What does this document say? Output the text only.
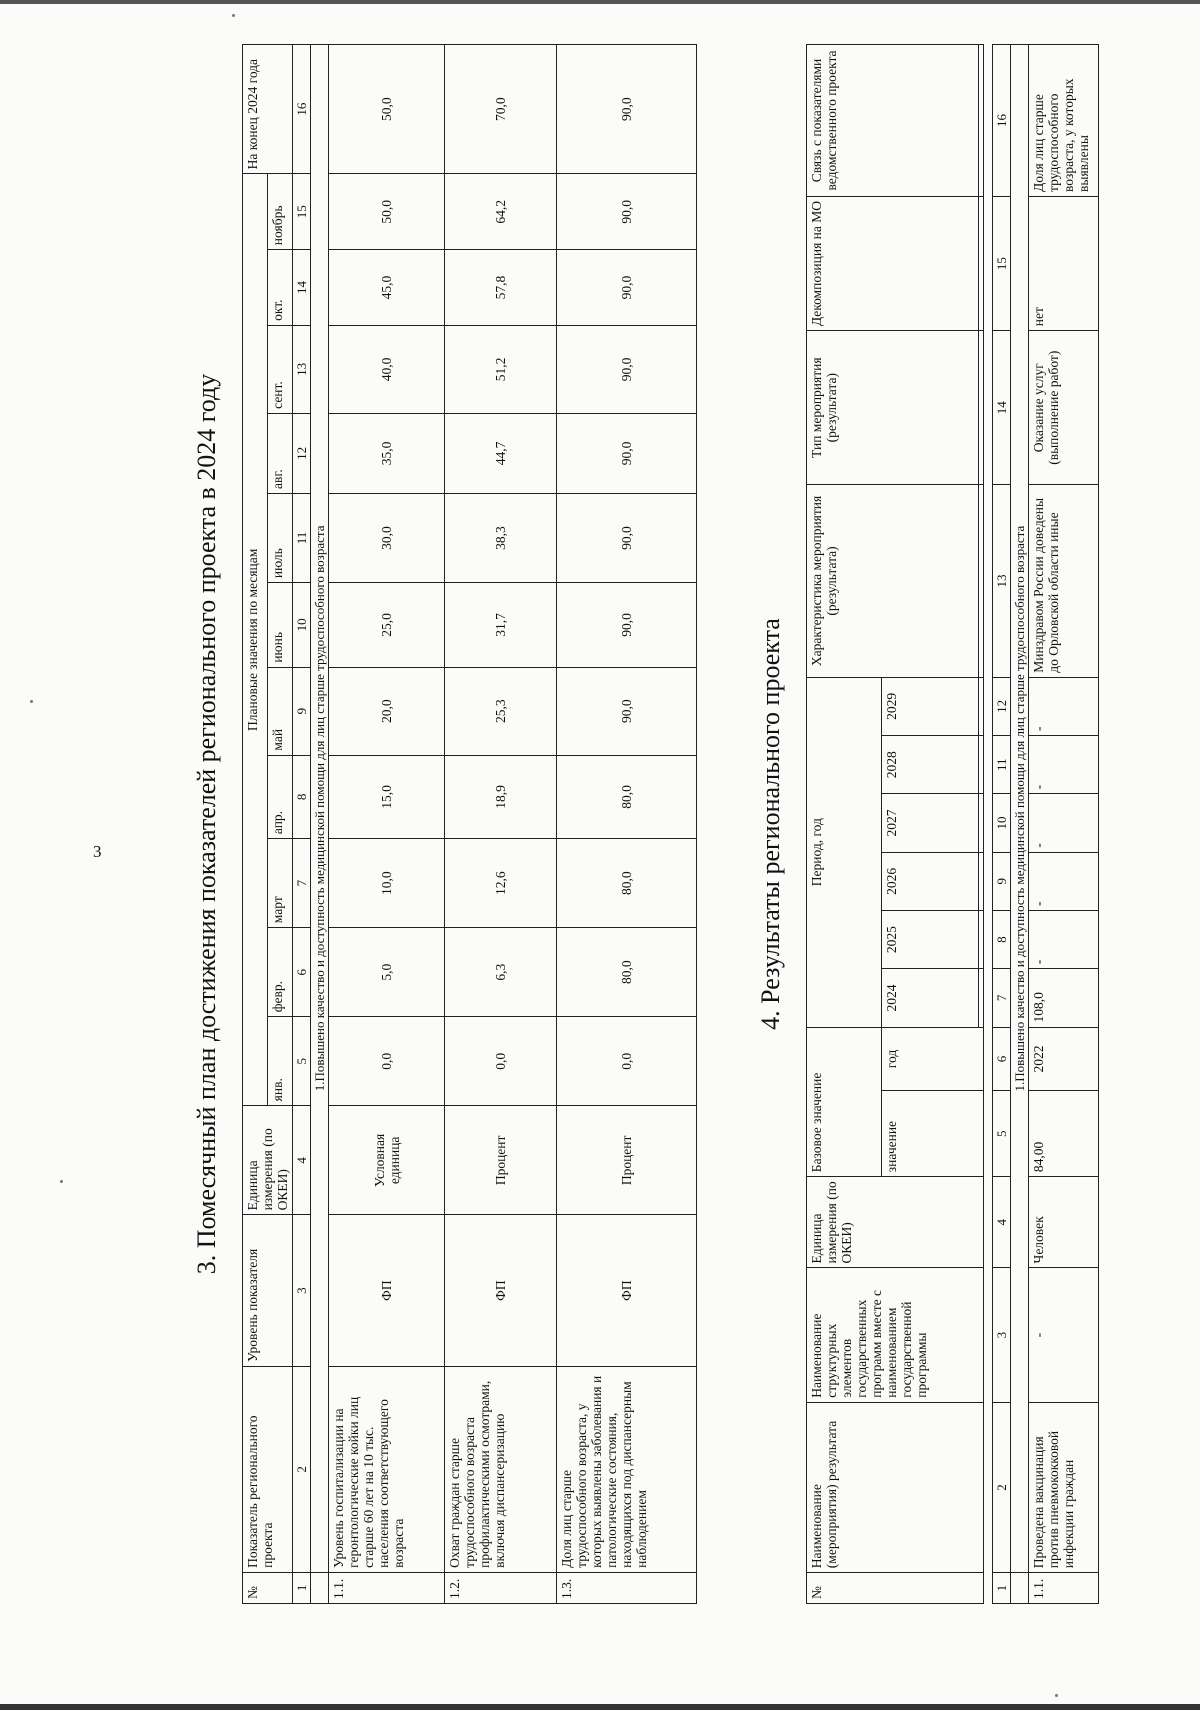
3	3. Помесячный план достижения показателей регионального проекта в 2024 году
№	Показатель регионального проекта	Уровень показателя	Единица измерения (по ОКЕИ)	Плановые значения по месяцам											На конец 2024 года
				янв.	февр.	март	апр.	май	июнь	июль	авг.	сент.	окт.	ноябрь	
1	2	3	4	5	6	7	8	9	10	11	12	13	14	15	16
	1.Повышено качество и доступность медицинской помощи для лиц старше трудоспособного возраста														
1.1.	Уровень госпитализации на геронтологические койки лиц старше 60 лет на 10 тыс. населения соответствующего возраста	ФП	Условная единица	0,0	5,0	10,0	15,0	20,0	25,0	30,0	35,0	40,0	45,0	50,0	50,0
1.2.	Охват граждан старше трудоспособного возраста профилактическими осмотрами, включая диспансеризацию	ФП	Процент	0,0	6,3	12,6	18,9	25,3	31,7	38,3	44,7	51,2	57,8	64,2	70,0
1.3.	Доля лиц старше трудоспособного возраста, у которых выявлены заболевания и патологические состояния, находящихся под диспансерным наблюдением	ФП	Процент	0,0	80,0	80,0	80,0	90,0	90,0	90,0	90,0	90,0	90,0	90,0	90,0
4. Результаты регионального проекта
№	Наименование (мероприятия) результата	Наименование структурных элементов государственных программ вместе с наименованием государственной программы	Единица измерения (по ОКЕИ)	Базовое значение		Период, год						Характеристика мероприятия (результата)	Тип мероприятия (результата)	Декомпозиция на МО	Связь с показателями ведомственного проекта
				значение	год	2024	2025	2026	2027	2028	2029				

1	2	3	4	5	6	7	8	9	10	11	12	13	14	15	16
	1.Повышено качество и доступность медицинской помощи для лиц старше трудоспособного возраста														
1.1.	Проведена вакцинация против пневмококковой инфекции граждан	-	Человек	84,00	2022	108,0	-	-	-	-	-	Минздравом России доведены до Орловской области иные	Оказание услуг (выполнение работ)	нет	Доля лиц старше трудоспособного возраста, у которых выявлены
